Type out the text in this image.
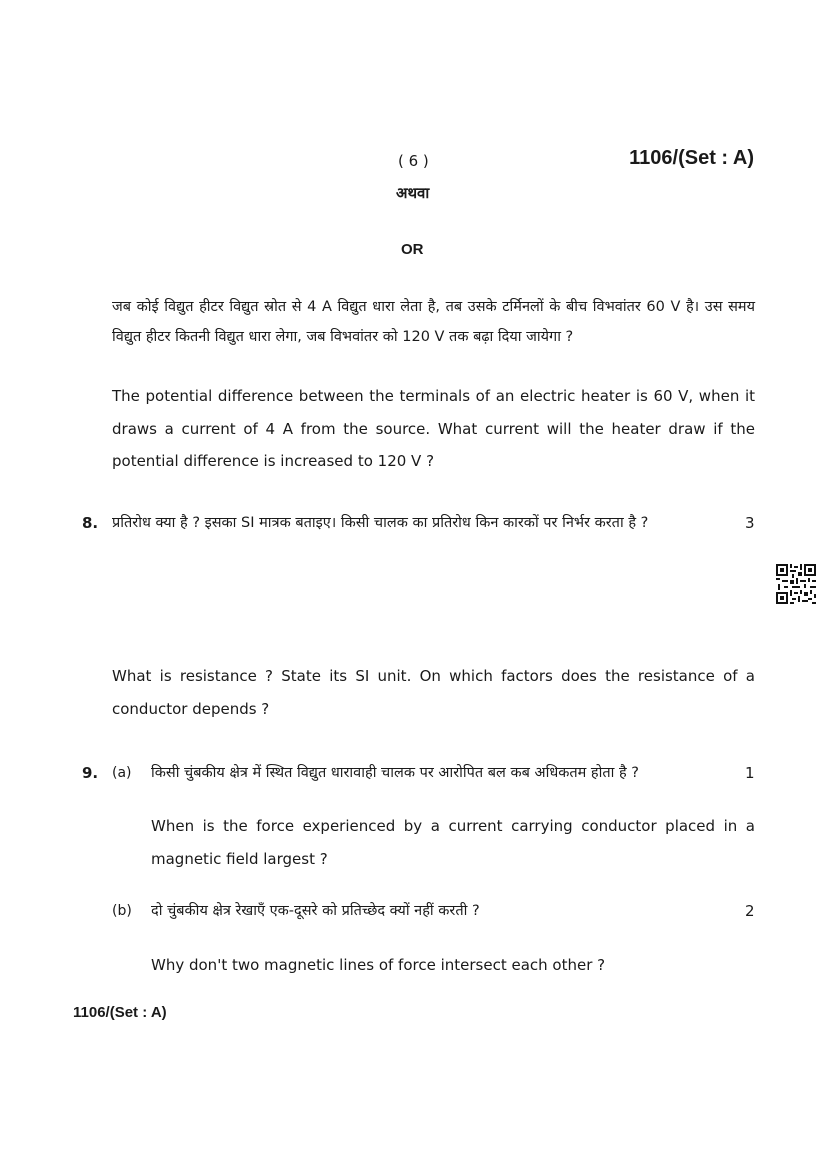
( 6 )	1106/(Set : A)
अथवा
OR
जब कोई विद्युत हीटर विद्युत स्रोत से 4 A विद्युत धारा लेता है, तब उसके टर्मिनलों के बीच विभवांतर 60 V है। उस समय विद्युत हीटर कितनी विद्युत धारा लेगा, जब विभवांतर को 120 V तक बढ़ा दिया जायेगा ?
The potential difference between the terminals of an electric heater is 60 V, when it draws a current of 4 A from the source. What current will the heater draw if the potential difference is increased to 120 V ?
8. प्रतिरोध क्या है ? इसका SI मात्रक बताइए। किसी चालक का प्रतिरोध किन कारकों पर निर्भर करता है ?	3
What is resistance ? State its SI unit. On which factors does the resistance of a conductor depends ?
9. (a) किसी चुंबकीय क्षेत्र में स्थित विद्युत धारावाही चालक पर आरोपित बल कब अधिकतम होता है ?	1
When is the force experienced by a current carrying conductor placed in a magnetic field largest ?
(b) दो चुंबकीय क्षेत्र रेखाएँ एक-दूसरे को प्रतिच्छेद क्यों नहीं करती ?	2
Why don't two magnetic lines of force intersect each other ?
1106/(Set : A)
